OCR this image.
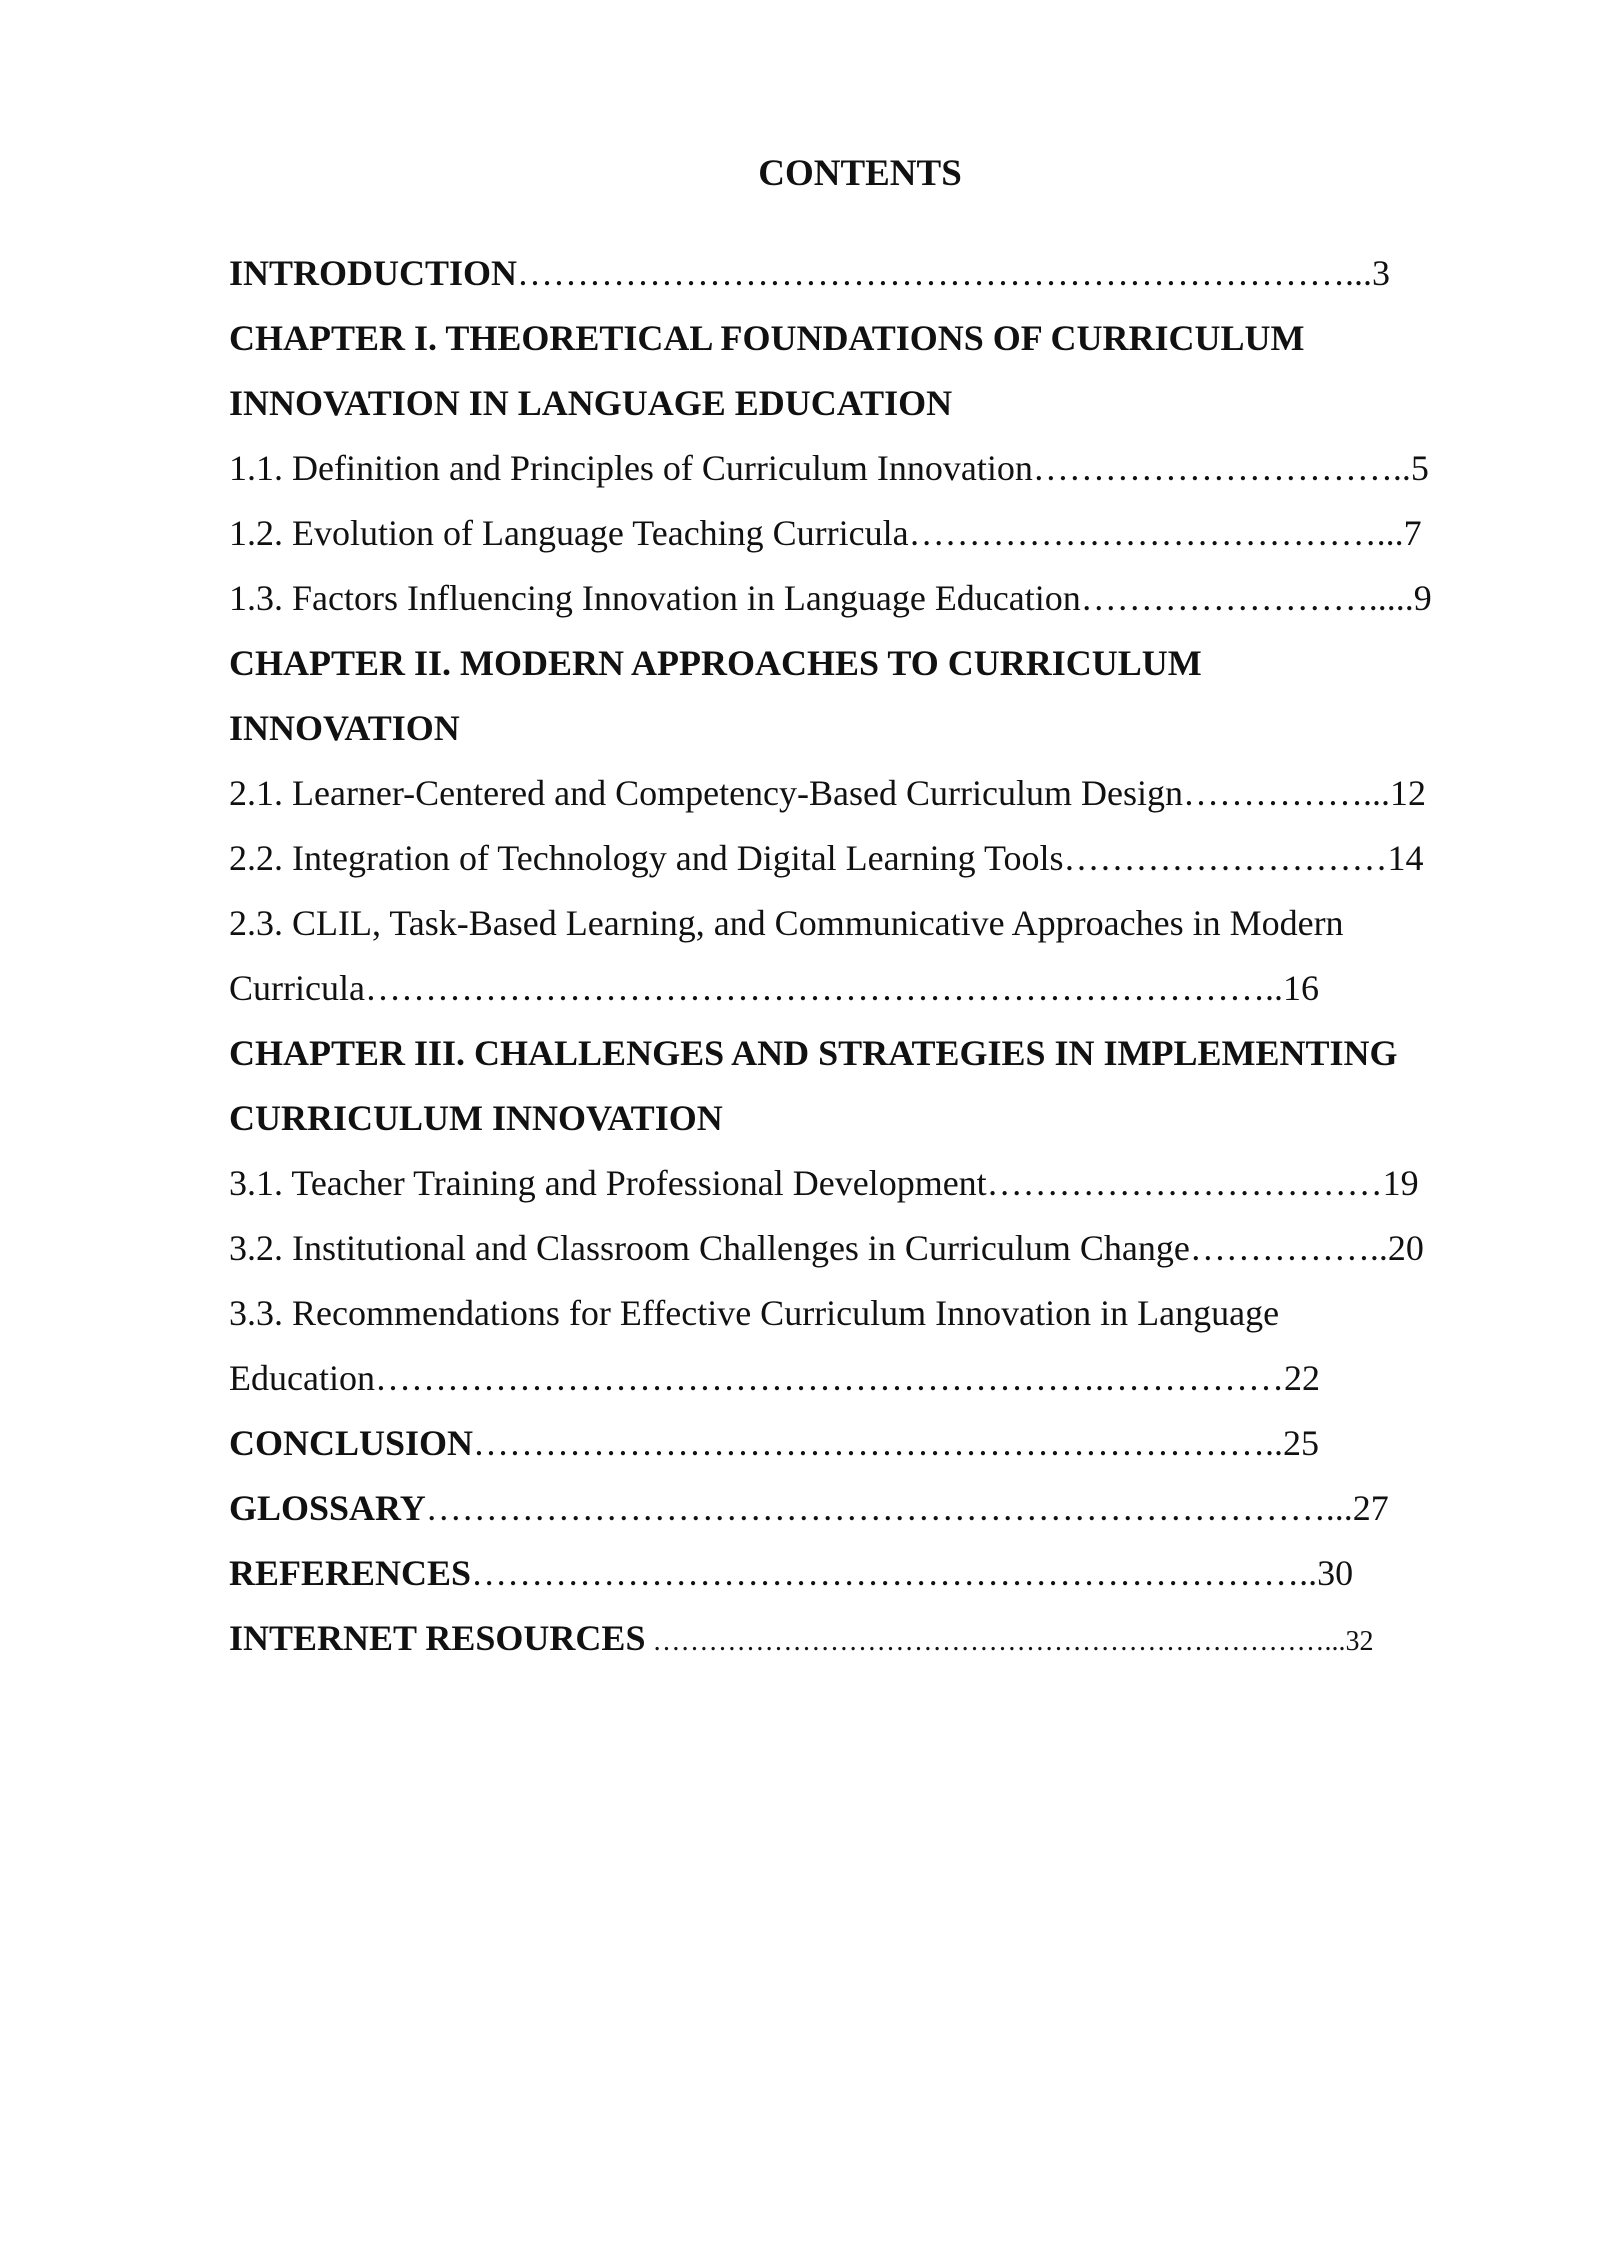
CONTENTS
INTRODUCTION……………………………………………………………...3
CHAPTER I. THEORETICAL FOUNDATIONS OF CURRICULUM
INNOVATION IN LANGUAGE EDUCATION
1.1. Definition and Principles of Curriculum Innovation…………………………..5
1.2. Evolution of Language Teaching Curricula…………………………………...7
1.3. Factors Influencing Innovation in Language Education…………………….....9
CHAPTER II. MODERN APPROACHES TO CURRICULUM
INNOVATION
2.1. Learner-Centered and Competency-Based Curriculum Design……………...12
2.2. Integration of Technology and Digital Learning Tools………………………14
2.3. CLIL, Task-Based Learning, and Communicative Approaches in Modern
Curricula…………………………………………………………………..16
CHAPTER III. CHALLENGES AND STRATEGIES IN IMPLEMENTING
CURRICULUM INNOVATION
3.1. Teacher Training and Professional Development……………………………19
3.2. Institutional and Classroom Challenges in Curriculum Change……………..20
3.3. Recommendations for Effective Curriculum Innovation in Language
Education…………………………………………………….……………22
CONCLUSION…………………………………………………………..25
GLOSSARY…………………………………………………………………...27
REFERENCES……………………………………………………………..30
INTERNET RESOURCES ………………………………………………………………...32
